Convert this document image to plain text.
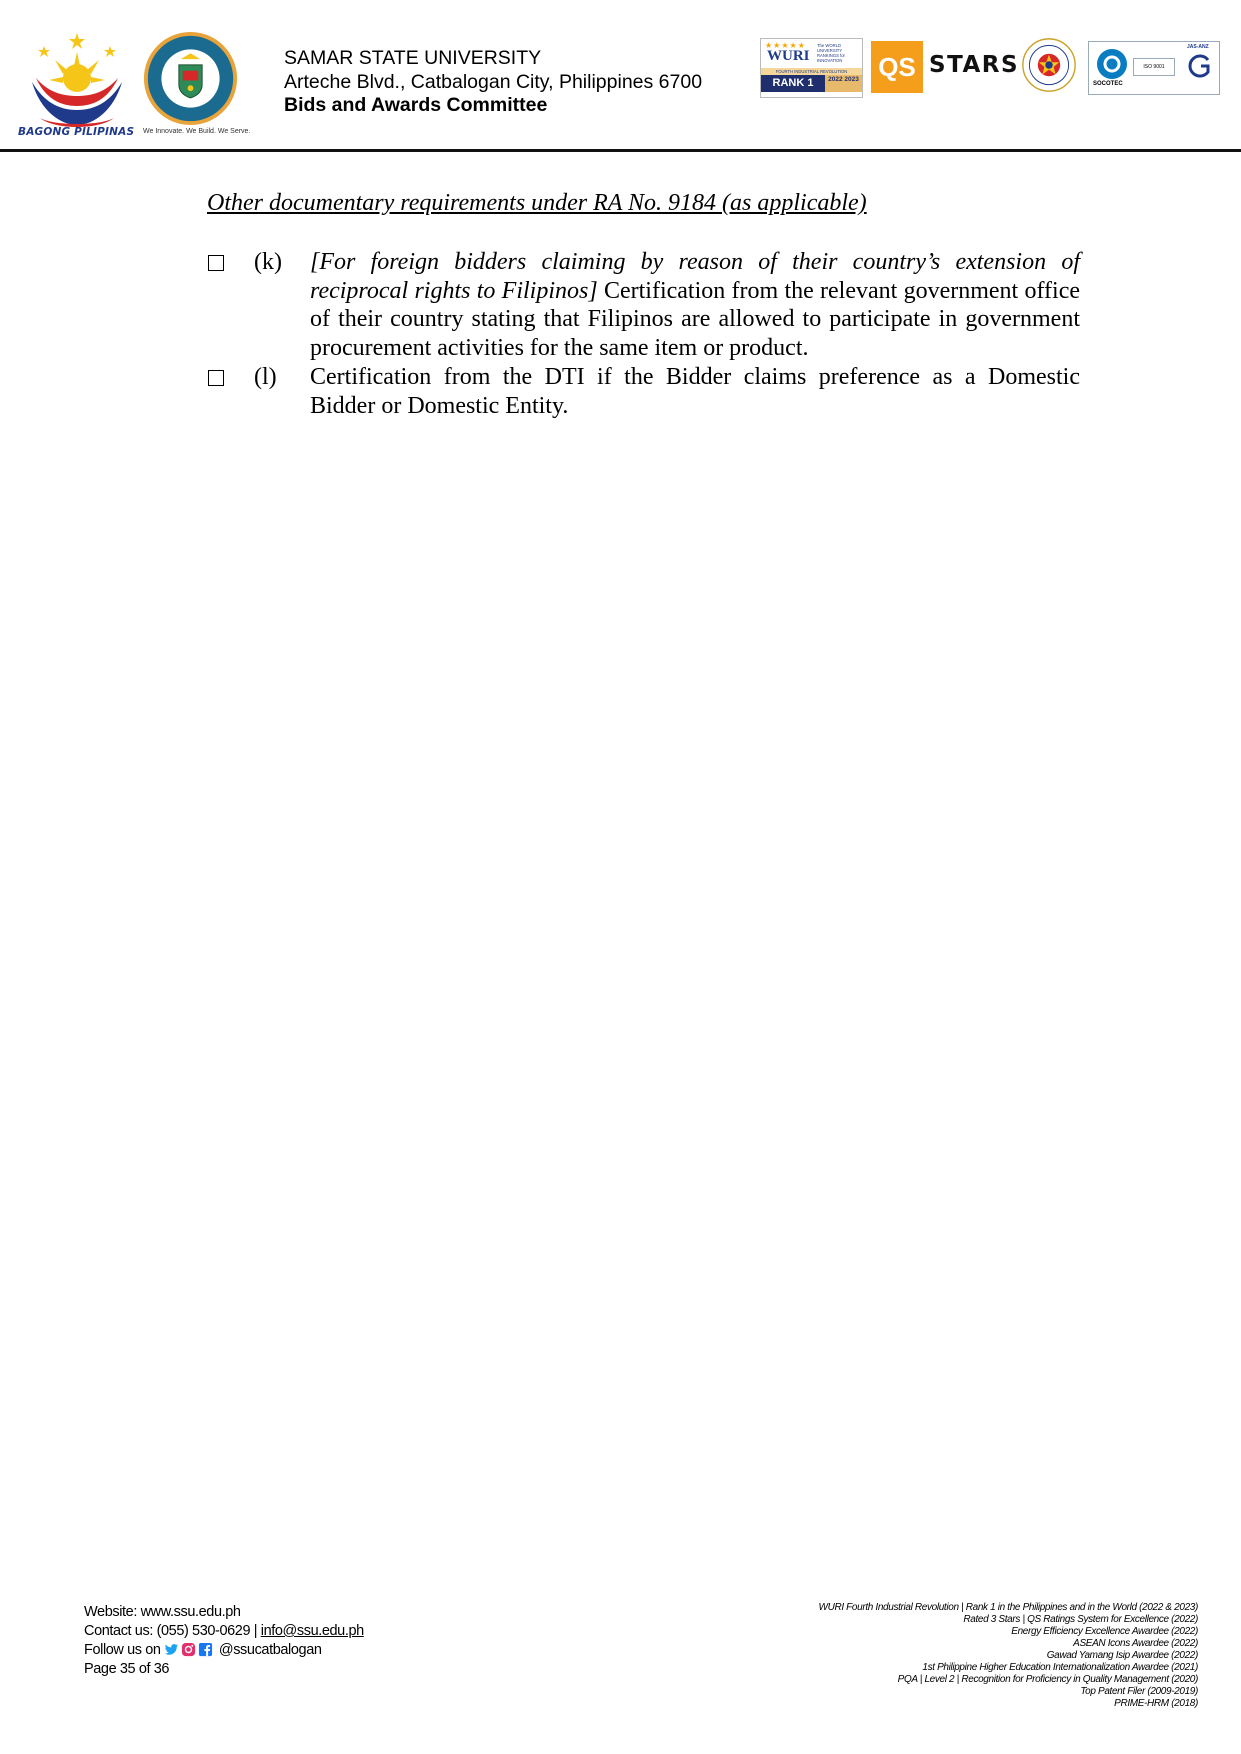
BAGONG PILIPINAS We Innovate. We Build. We Serve.
SAMAR STATE UNIVERSITY
Arteche Blvd., Catbalogan City, Philippines 6700
Bids and Awards Committee
★★★★★
WURI
The WORLD UNIVERSITY RANKINGS for INNOVATION
FOURTH INDUSTRIAL REVOLUTION
RANK 1	2022 2023 QS STARS
SOCOTEC
ISO 9001
JAS-ANZ
Other documentary requirements under RA No. 9184 (as applicable)
(k) [For foreign bidders claiming by reason of their country’s extension of reciprocal rights to Filipinos] Certification from the relevant government office of their country stating that Filipinos are allowed to participate in government procurement activities for the same item or product.
(l) Certification from the DTI if the Bidder claims preference as a Domestic Bidder or Domestic Entity.
Website: www.ssu.edu.ph
Contact us: (055) 530-0629 | info@ssu.edu.ph
Follow us on	@ssucatbalogan
Page 35 of 36
WURI Fourth Industrial Revolution | Rank 1 in the Philippines and in the World (2022 & 2023)
Rated 3 Stars | QS Ratings System for Excellence (2022)
Energy Efficiency Excellence Awardee (2022)
ASEAN Icons Awardee (2022)
Gawad Yamang Isip Awardee (2022)
1st Philippine Higher Education Internationalization Awardee (2021)
PQA | Level 2 | Recognition for Proficiency in Quality Management (2020)
Top Patent Filer (2009-2019)
PRIME-HRM (2018)
